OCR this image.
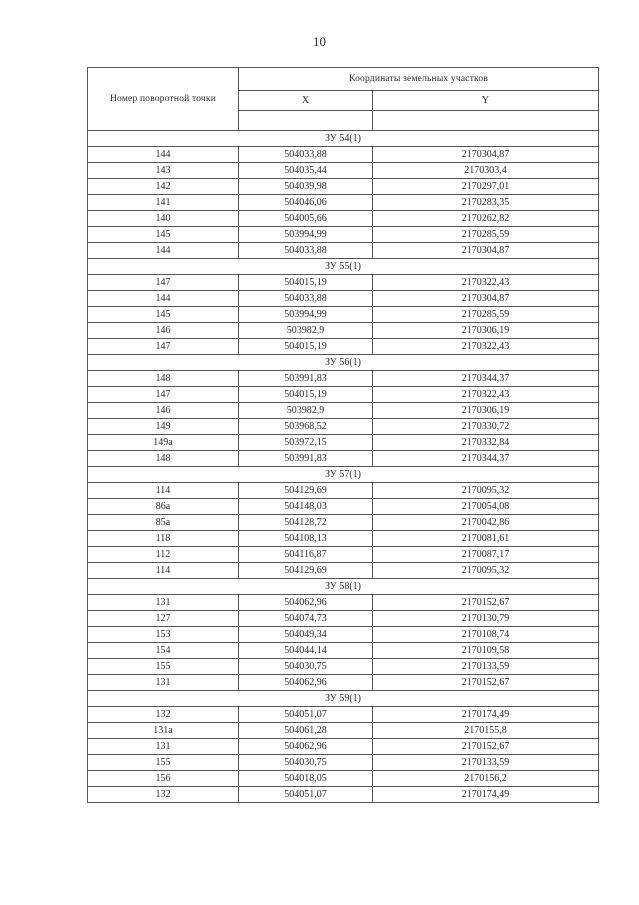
10
Номер поворотной точки	Координаты земельных участков	
	X	Y

ЗУ 54(1)		
144	504033,88	2170304,87
143	504035,44	2170303,4
142	504039,98	2170297,01
141	504046,06	2170283,35
140	504005,66	2170262,82
145	503994,99	2170285,59
144	504033,88	2170304,87
ЗУ 55(1)		
147	504015,19	2170322,43
144	504033,88	2170304,87
145	503994,99	2170285,59
146	503982,9	2170306,19
147	504015,19	2170322,43
ЗУ 56(1)		
148	503991,83	2170344,37
147	504015,19	2170322,43
146	503982,9	2170306,19
149	503968,52	2170330,72
149а	503972,15	2170332,84
148	503991,83	2170344,37
ЗУ 57(1)		
114	504129,69	2170095,32
86а	504148,03	2170054,08
85а	504128,72	2170042,86
118	504108,13	2170081,61
112	504116,87	2170087,17
114	504129,69	2170095,32
ЗУ 58(1)		
131	504062,96	2170152,67
127	504074,73	2170130,79
153	504049,34	2170108,74
154	504044,14	2170109,58
155	504030,75	2170133,59
131	504062,96	2170152,67
ЗУ 59(1)		
132	504051,07	2170174,49
131а	504061,28	2170155,8
131	504062,96	2170152,67
155	504030,75	2170133,59
156	504018,05	2170156,2
132	504051,07	2170174,49
